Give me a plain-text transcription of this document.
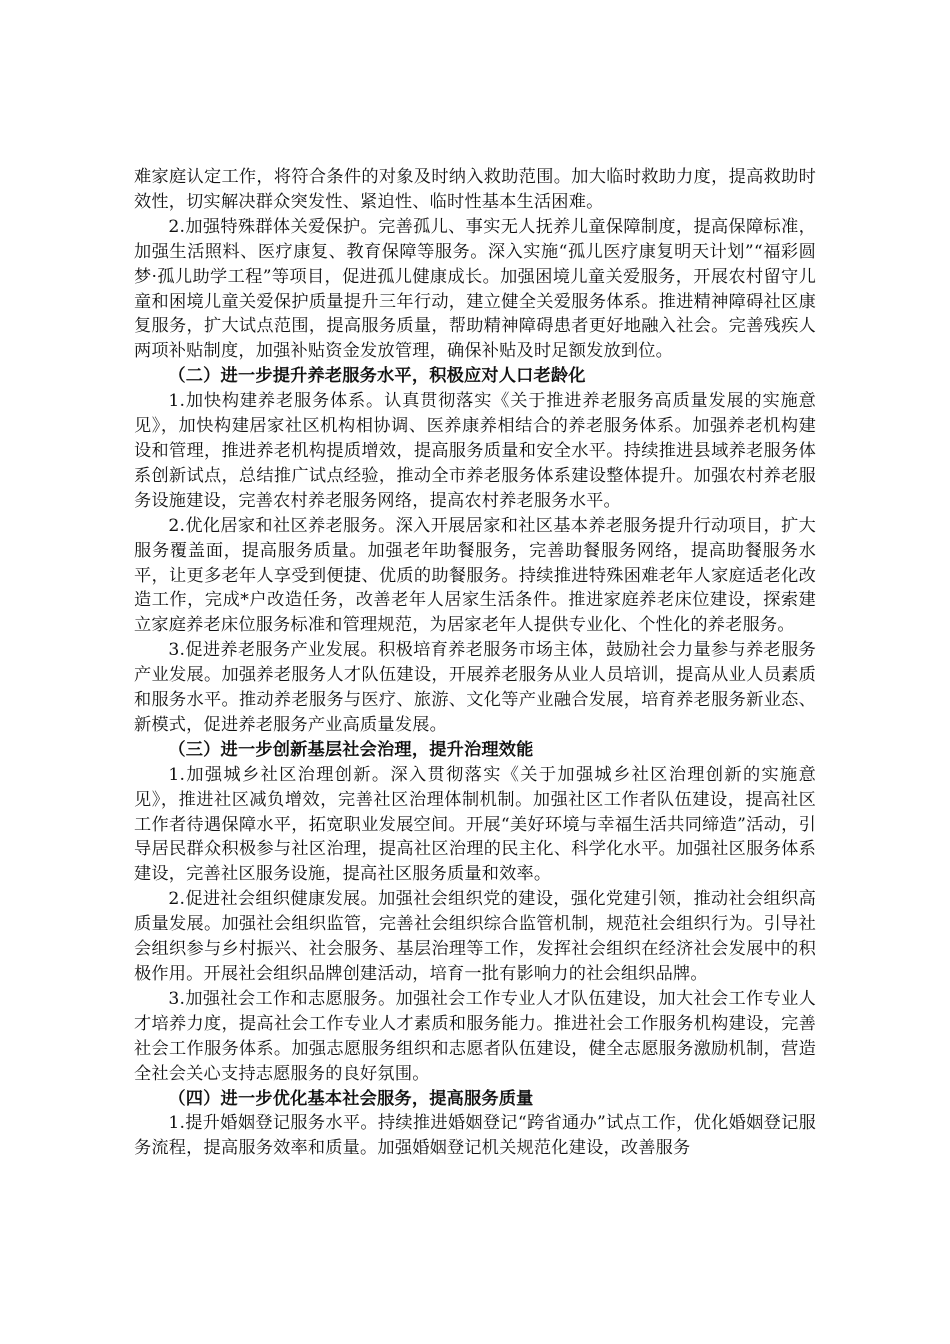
难家庭认定工作，将符合条件的对象及时纳入救助范围。加大临时救助力度，提高救助时效性，切实解决群众突发性、紧迫性、临时性基本生活困难。

2.加强特殊群体关爱保护。完善孤儿、事实无人抚养儿童保障制度，提高保障标准，加强生活照料、医疗康复、教育保障等服务。深入实施“孤儿医疗康复明天计划”“福彩圆梦·孤儿助学工程”等项目，促进孤儿健康成长。加强困境儿童关爱服务，开展农村留守儿童和困境儿童关爱保护质量提升三年行动，建立健全关爱服务体系。推进精神障碍社区康复服务，扩大试点范围，提高服务质量，帮助精神障碍患者更好地融入社会。完善残疾人两项补贴制度，加强补贴资金发放管理，确保补贴及时足额发放到位。

（二）进一步提升养老服务水平，积极应对人口老龄化

1.加快构建养老服务体系。认真贯彻落实《关于推进养老服务高质量发展的实施意见》，加快构建居家社区机构相协调、医养康养相结合的养老服务体系。加强养老机构建设和管理，推进养老机构提质增效，提高服务质量和安全水平。持续推进县域养老服务体系创新试点，总结推广试点经验，推动全市养老服务体系建设整体提升。加强农村养老服务设施建设，完善农村养老服务网络，提高农村养老服务水平。

2.优化居家和社区养老服务。深入开展居家和社区基本养老服务提升行动项目，扩大服务覆盖面，提高服务质量。加强老年助餐服务，完善助餐服务网络，提高助餐服务水平，让更多老年人享受到便捷、优质的助餐服务。持续推进特殊困难老年人家庭适老化改造工作，完成*户改造任务，改善老年人居家生活条件。推进家庭养老床位建设，探索建立家庭养老床位服务标准和管理规范，为居家老年人提供专业化、个性化的养老服务。

3.促进养老服务产业发展。积极培育养老服务市场主体，鼓励社会力量参与养老服务产业发展。加强养老服务人才队伍建设，开展养老服务从业人员培训，提高从业人员素质和服务水平。推动养老服务与医疗、旅游、文化等产业融合发展，培育养老服务新业态、新模式，促进养老服务产业高质量发展。

（三）进一步创新基层社会治理，提升治理效能

1.加强城乡社区治理创新。深入贯彻落实《关于加强城乡社区治理创新的实施意见》，推进社区减负增效，完善社区治理体制机制。加强社区工作者队伍建设，提高社区工作者待遇保障水平，拓宽职业发展空间。开展“美好环境与幸福生活共同缔造”活动，引导居民群众积极参与社区治理，提高社区治理的民主化、科学化水平。加强社区服务体系建设，完善社区服务设施，提高社区服务质量和效率。

2.促进社会组织健康发展。加强社会组织党的建设，强化党建引领，推动社会组织高质量发展。加强社会组织监管，完善社会组织综合监管机制，规范社会组织行为。引导社会组织参与乡村振兴、社会服务、基层治理等工作，发挥社会组织在经济社会发展中的积极作用。开展社会组织品牌创建活动，培育一批有影响力的社会组织品牌。

3.加强社会工作和志愿服务。加强社会工作专业人才队伍建设，加大社会工作专业人才培养力度，提高社会工作专业人才素质和服务能力。推进社会工作服务机构建设，完善社会工作服务体系。加强志愿服务组织和志愿者队伍建设，健全志愿服务激励机制，营造全社会关心支持志愿服务的良好氛围。

（四）进一步优化基本社会服务，提高服务质量

1.提升婚姻登记服务水平。持续推进婚姻登记“跨省通办”试点工作，优化婚姻登记服务流程，提高服务效率和质量。加强婚姻登记机关规范化建设，改善服务
